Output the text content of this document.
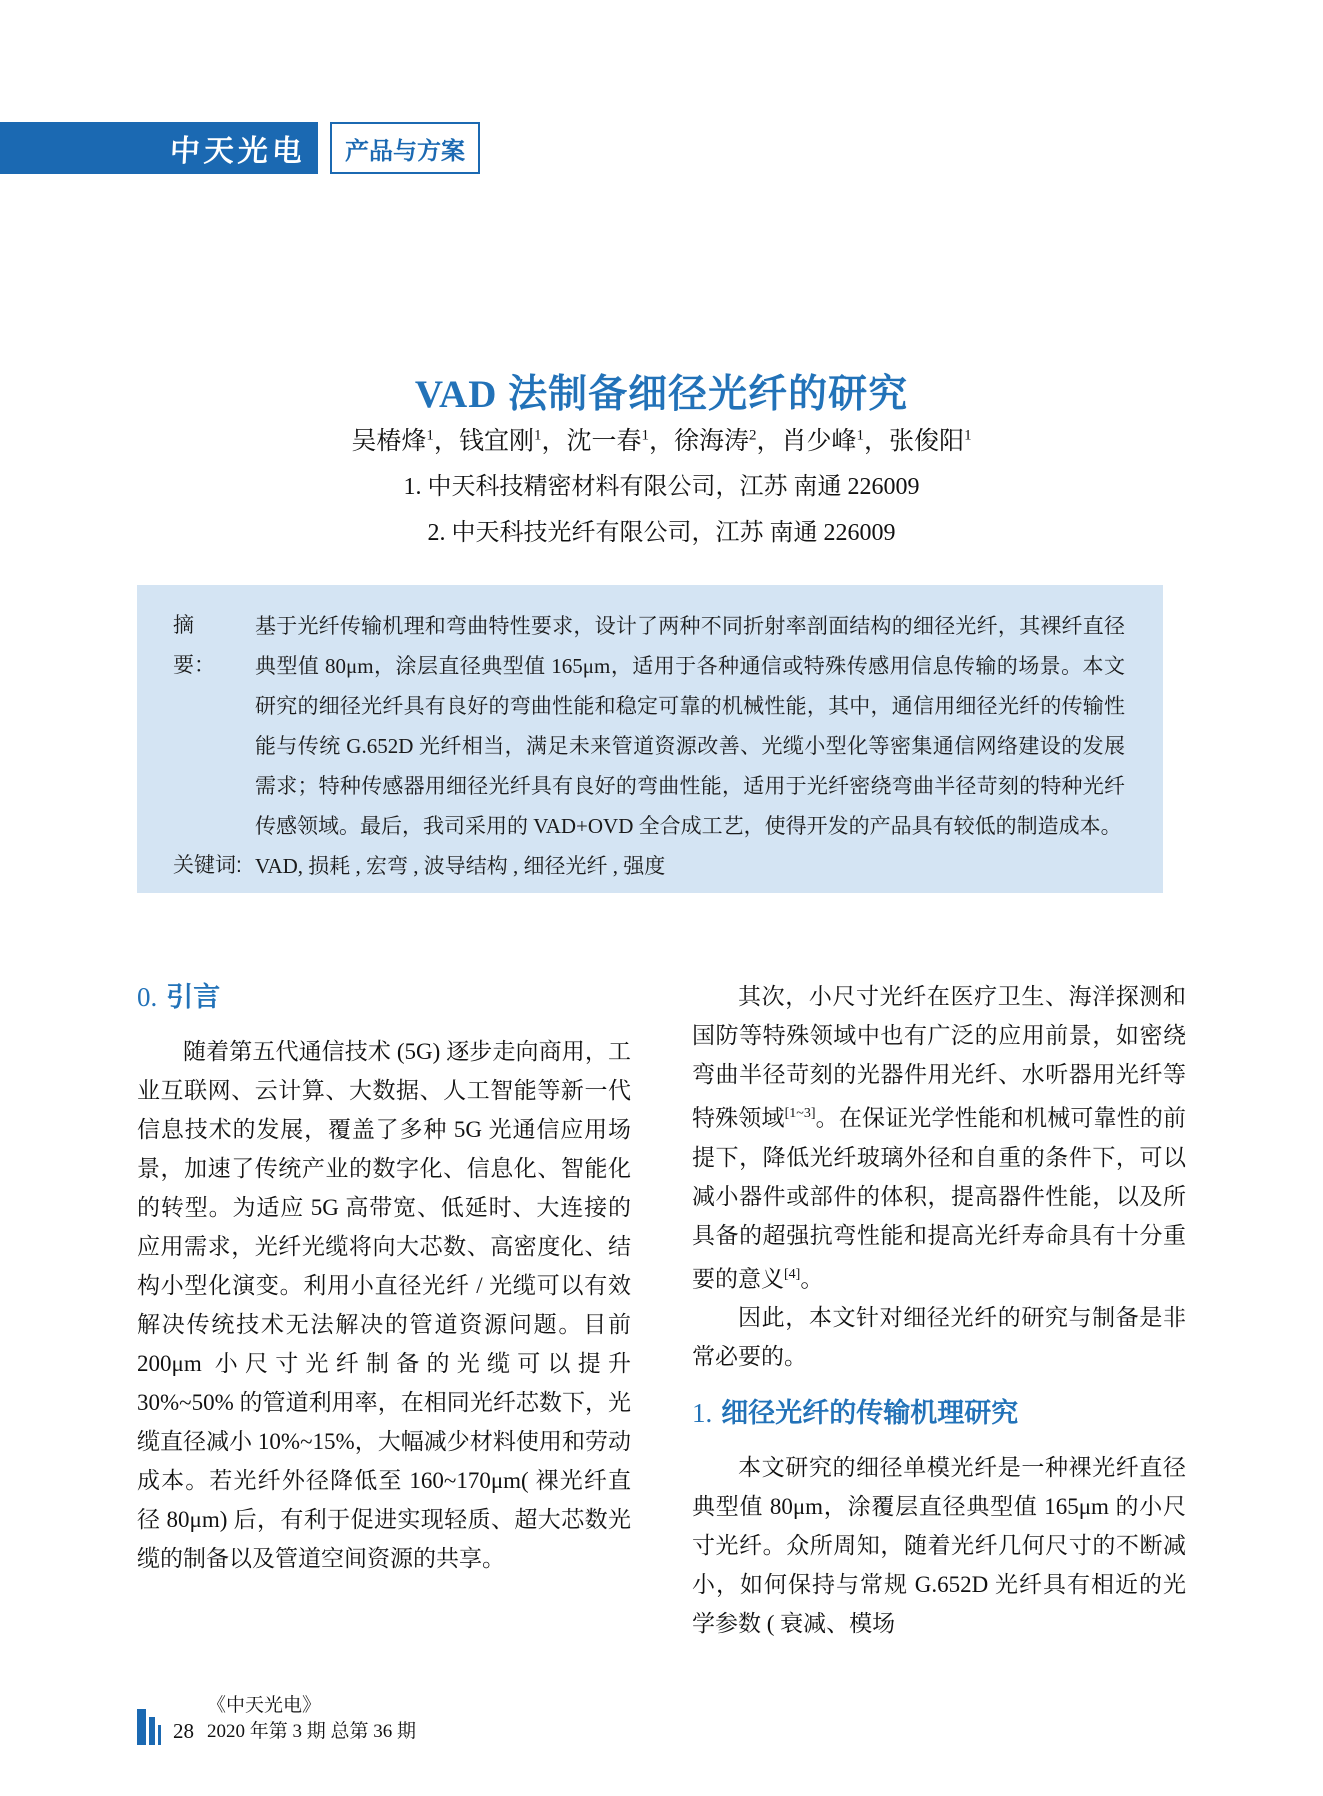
中天光电 产品与方案
VAD 法制备细径光纤的研究
吴椿烽$^1$，钱宜刚$^1$，沈一春$^1$，徐海涛$^2$，肖少峰$^1$，张俊阳$^1$
1. 中天科技精密材料有限公司，江苏 南通 226009
2. 中天科技光纤有限公司，江苏 南通 226009
摘　要：
基于光纤传输机理和弯曲特性要求，设计了两种不同折射率剖面结构的细径光纤，其裸纤直径典型值 80μm，涂层直径典型值 165μm，适用于各种通信或特殊传感用信息传输的场景。本文研究的细径光纤具有良好的弯曲性能和稳定可靠的机械性能，其中，通信用细径光纤的传输性能与传统 G.652D 光纤相当，满足未来管道资源改善、光缆小型化等密集通信网络建设的发展需求；特种传感器用细径光纤具有良好的弯曲性能，适用于光纤密绕弯曲半径苛刻的特种光纤传感领域。最后，我司采用的 VAD+OVD 全合成工艺，使得开发的产品具有较低的制造成本。
关键词: VAD, 损耗 , 宏弯 , 波导结构 , 细径光纤 , 强度
0. 引言

随着第五代通信技术 (5G) 逐步走向商用，工业互联网、云计算、大数据、人工智能等新一代信息技术的发展，覆盖了多种 5G 光通信应用场景，加速了传统产业的数字化、信息化、智能化的转型。为适应 5G 高带宽、低延时、大连接的应用需求，光纤光缆将向大芯数、高密度化、结构小型化演变。利用小直径光纤 / 光缆可以有效解决传统技术无法解决的管道资源问题。目前 200μm 小尺寸光纤制备的光缆可以提升 30%~50% 的管道利用率，在相同光纤芯数下，光缆直径减小 10%~15%，大幅减少材料使用和劳动成本。若光纤外径降低至 160~170μm( 裸光纤直径 80μm) 后，有利于促进实现轻质、超大芯数光缆的制备以及管道空间资源的共享。

其次，小尺寸光纤在医疗卫生、海洋探测和国防等特殊领域中也有广泛的应用前景，如密绕弯曲半径苛刻的光器件用光纤、水听器用光纤等特殊领域[1~3]。在保证光学性能和机械可靠性的前提下，降低光纤玻璃外径和自重的条件下，可以减小器件或部件的体积，提高器件性能，以及所具备的超强抗弯性能和提高光纤寿命具有十分重要的意义[4]。

因此，本文针对细径光纤的研究与制备是非常必要的。

1. 细径光纤的传输机理研究

本文研究的细径单模光纤是一种裸光纤直径典型值 80μm，涂覆层直径典型值 165μm 的小尺寸光纤。众所周知，随着光纤几何尺寸的不断减小，如何保持与常规 G.652D 光纤具有相近的光学参数 ( 衰减、模场

28
《中天光电》
2020 年第 3 期 总第 36 期
